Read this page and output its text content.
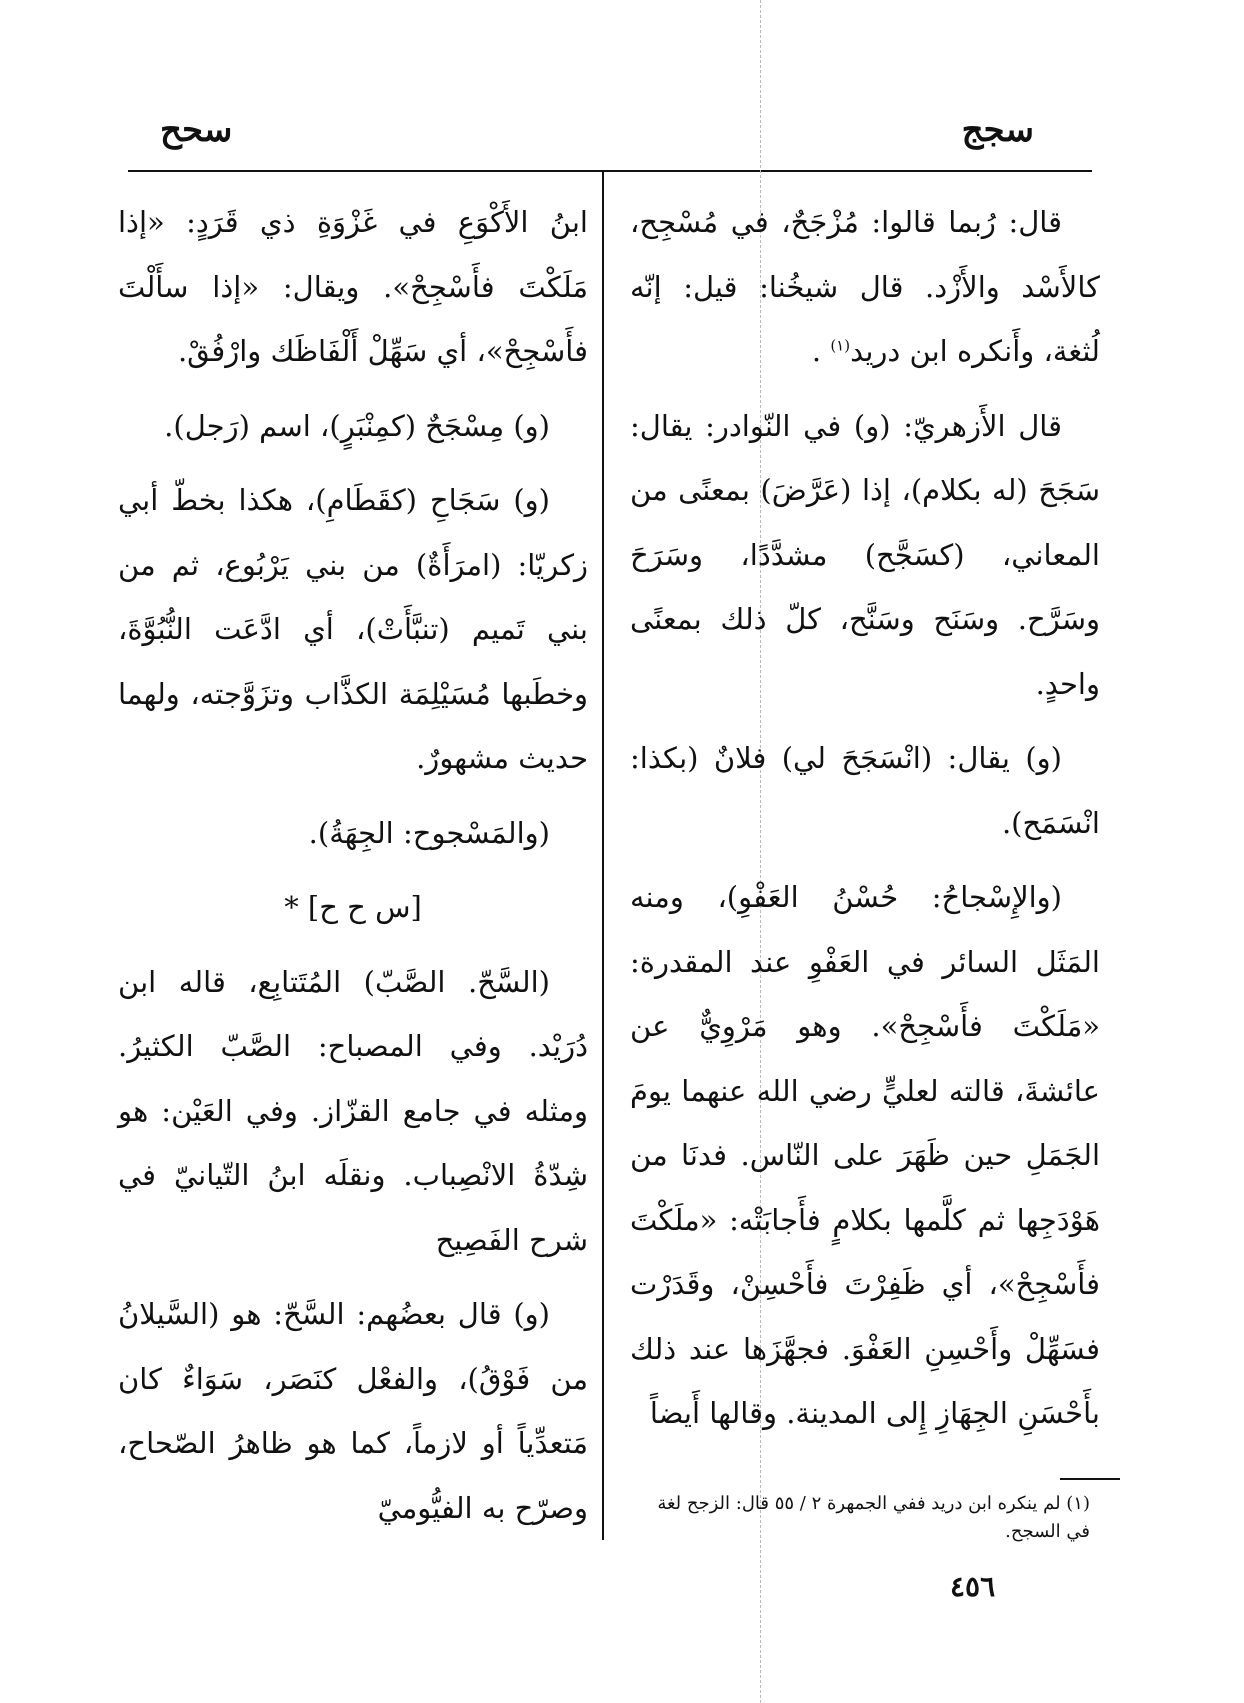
سجج
سحح

قال: رُبما قالوا: مُزْجَحٌ، في مُسْجِح، كالأَسْد والأَزْد. قال شيخُنا: قيل: إنّه لُثغة، وأَنكره ابن دريد$^{(١)}$ .

قال الأَزهريّ: (و) في النّوادر: يقال: سَجَحَ (له بكلام)، إذا (عَرَّضَ) بمعنًى من المعاني، (كسَجَّح) مشدَّدًا، وسَرَحَ وسَرَّح. وسَنَح وسَنَّح، كلّ ذلك بمعنًى واحدٍ.

(و) يقال: (انْسَجَحَ لي) فلانٌ (بكذا: انْسَمَح).

(والإِسْجاحُ: حُسْنُ العَفْوِ)، ومنه المَثَل السائر في العَفْوِ عند المقدرة: «مَلَكْتَ فأَسْجِحْ». وهو مَرْوِيٌّ عن عائشةَ، قالته لعليٍّ رضي الله عنهما يومَ الجَمَلِ حين ظَهَرَ على النّاس. فدنَا من هَوْدَجِها ثم كلَّمها بكلامٍ فأَجابَتْه: «ملَكْتَ فأَسْجِحْ»، أي ظَفِرْتَ فأَحْسِنْ، وقَدَرْت فسَهِّلْ وأَحْسِنِ العَفْوَ. فجهَّزَها عند ذلك بأَحْسَنِ الجِهَازِ إِلى المدينة. وقالها أَيضاً

ابنُ الأَكْوَعِ في غَزْوَةِ ذي قَرَدٍ: «إذا مَلَكْتَ فأَسْجِحْ». ويقال: «إذا سأَلْتَ فأَسْجِحْ»، أي سَهِّلْ أَلْفَاظَك وارْفُقْ.

(و) مِسْجَحٌ (كمِنْبَرٍ)، اسم (رَجل).

(و) سَجَاحِ (كقَطَامِ)، هكذا بخطّ أبي زكريّا: (امرَأَةٌ) من بني يَرْبُوع، ثم من بني تَميم (تنبَّأَتْ)، أي ادَّعَت النُّبُوَّةَ، وخطَبها مُسَيْلِمَة الكذَّاب وتزَوَّجته، ولهما حديث مشهورٌ.

(والمَسْجوح: الجِهَةُ).

[س ح ح] *

(السَّحّ. الصَّبّ) المُتَتابِع، قاله ابن دُرَيْد. وفي المصباح: الصَّبّ الكثيرُ. ومثله في جامع القزّاز. وفي العَيْن: هو شِدّةُ الانْصِباب. ونقلَه ابنُ التّيانيّ في شرح الفَصِيح

(و) قال بعضُهم: السَّحّ: هو (السَّيلانُ من فَوْقُ)، والفعْل كنَصَر، سَوَاءٌ كان مَتعدِّياً أو لازماً، كما هو ظاهرُ الصّحاح، وصرّح به الفيُّوميّ	(١) لم ينكره ابن دريد ففي الجمهرة ٢ / ٥٥ قال: الزجح لغة في السجح.
٤٥٦
